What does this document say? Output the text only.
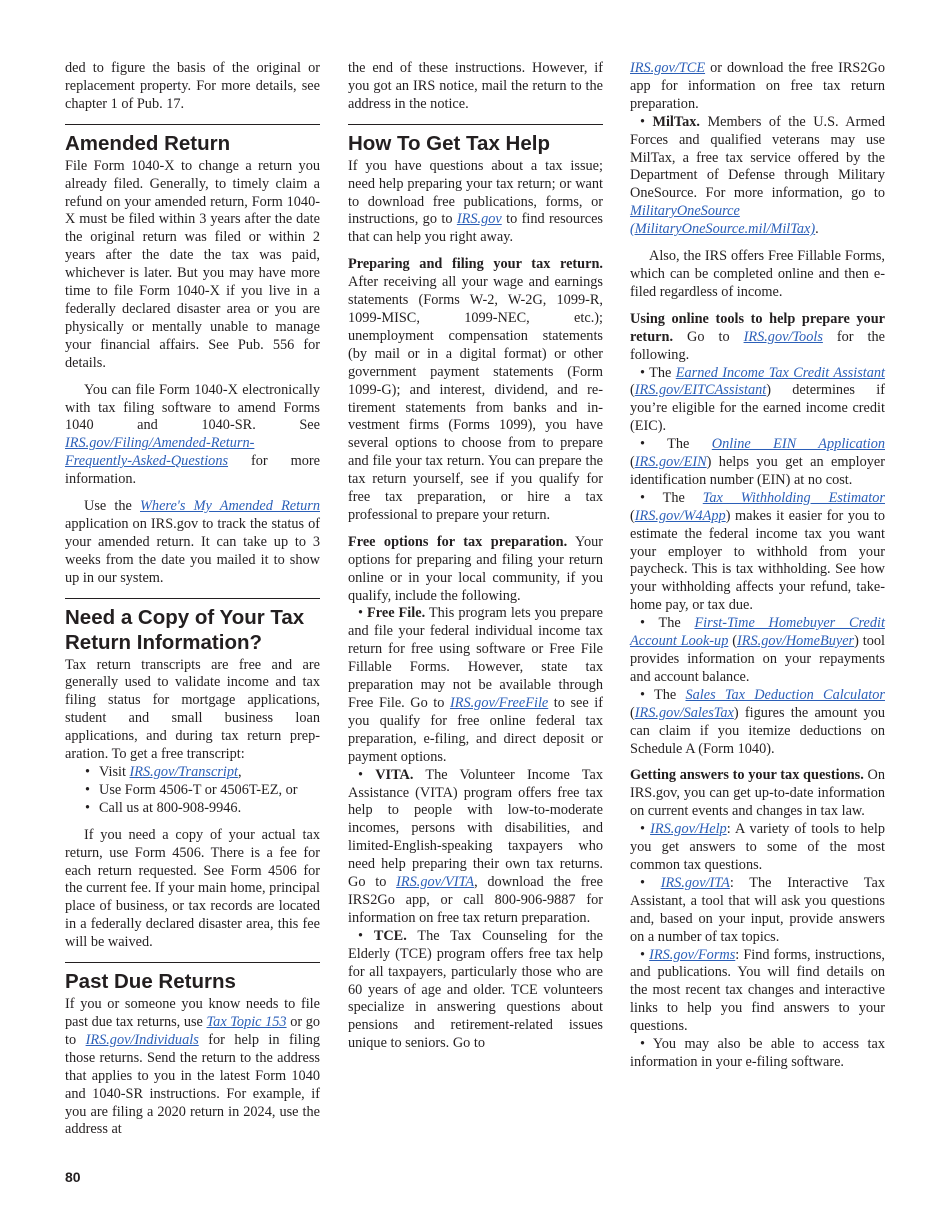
ded to figure the basis of the original or replacement property. For more details, see chapter 1 of Pub. 17.

Amended Return

File Form 1040-X to change a return you already filed. Generally, to timely claim a refund on your amended return, Form 1040-X must be filed within 3 years after the date the original return was filed or within 2 years after the date the tax was paid, whichever is later. But you may have more time to file Form 1040-X if you live in a federally declared disaster area or you are physically or mentally unable to manage your financial affairs. See Pub. 556 for details.

You can file Form 1040-X electronically with tax filing software to amend Forms 1040 and 1040-SR. See IRS.gov/Filing/Amended-Return-Frequently-Asked-Questions for more information.

Use the Where's My Amended Return application on IRS.gov to track the status of your amended return. It can take up to 3 weeks from the date you mailed it to show up in our system.

Need a Copy of Your Tax Return Information?

Tax return transcripts are free and are generally used to validate income and tax filing status for mortgage applications, student and small business loan applications, and during tax return preparation. To get a free transcript:

• Visit IRS.gov/Transcript,
• Use Form 4506-T or 4506T-EZ, or
• Call us at 800-908-9946.

If you need a copy of your actual tax return, use Form 4506. There is a fee for each return requested. See Form 4506 for the current fee. If your main home, principal place of business, or tax records are located in a federally declared disaster area, this fee will be waived.

Past Due Returns

If you or someone you know needs to file past due tax returns, use Tax Topic 153 or go to IRS.gov/Individuals for help in filing those returns. Send the return to the address that applies to you in the latest Form 1040 and 1040-SR instructions. For example, if you are filing a 2020 return in 2024, use the address at

the end of these instructions. However, if you got an IRS notice, mail the return to the address in the notice.

How To Get Tax Help

If you have questions about a tax issue; need help preparing your tax return; or want to download free publications, forms, or instructions, go to IRS.gov to find resources that can help you right away.

Preparing and filing your tax return. After receiving all your wage and earnings statements (Forms W-2, W-2G, 1099-R, 1099-MISC, 1099-NEC, etc.); unemployment compensation statements (by mail or in a digital format) or other government payment statements (Form 1099-G); and interest, dividend, and retirement statements from banks and investment firms (Forms 1099), you have several options to choose from to prepare and file your tax return. You can prepare the tax return yourself, see if you qualify for free tax preparation, or hire a tax professional to prepare your return.

Free options for tax preparation. Your options for preparing and filing your return online or in your local community, if you qualify, include the following.

• Free File. This program lets you prepare and file your federal individual income tax return for free using software or Free File Fillable Forms. However, state tax preparation may not be available through Free File. Go to IRS.gov/FreeFile to see if you qualify for free online federal tax preparation, e-filing, and direct deposit or payment options.

• VITA. The Volunteer Income Tax Assistance (VITA) program offers free tax help to people with low-to-moderate incomes, persons with disabilities, and limited-English-speaking taxpayers who need help preparing their own tax returns. Go to IRS.gov/VITA, download the free IRS2Go app, or call 800-906-9887 for information on free tax return preparation.

• TCE. The Tax Counseling for the Elderly (TCE) program offers free tax help for all taxpayers, particularly those who are 60 years of age and older. TCE volunteers specialize in answering questions about pensions and retirement-related issues unique to seniors. Go to

IRS.gov/TCE or download the free IRS2Go app for information on free tax return preparation.

• MilTax. Members of the U.S. Armed Forces and qualified veterans may use MilTax, a free tax service offered by the Department of Defense through Military OneSource. For more information, go to MilitaryOneSource (MilitaryOneSource.mil/MilTax).

Also, the IRS offers Free Fillable Forms, which can be completed online and then e-filed regardless of income.

Using online tools to help prepare your return. Go to IRS.gov/Tools for the following.

• The Earned Income Tax Credit Assistant (IRS.gov/EITCAssistant) determines if you’re eligible for the earned income credit (EIC).

• The Online EIN Application (IRS.gov/EIN) helps you get an employer identification number (EIN) at no cost.

• The Tax Withholding Estimator (IRS.gov/W4App) makes it easier for you to estimate the federal income tax you want your employer to withhold from your paycheck. This is tax withholding. See how your withholding affects your refund, take-home pay, or tax due.

• The First-Time Homebuyer Credit Account Look-up (IRS.gov/HomeBuyer) tool provides information on your repayments and account balance.

• The Sales Tax Deduction Calculator (IRS.gov/SalesTax) figures the amount you can claim if you itemize deductions on Schedule A (Form 1040).

Getting answers to your tax questions. On IRS.gov, you can get up-to-date information on current events and changes in tax law.

• IRS.gov/Help: A variety of tools to help you get answers to some of the most common tax questions.

• IRS.gov/ITA: The Interactive Tax Assistant, a tool that will ask you questions and, based on your input, provide answers on a number of tax topics.

• IRS.gov/Forms: Find forms, instructions, and publications. You will find details on the most recent tax changes and interactive links to help you find answers to your questions.

• You may also be able to access tax information in your e-filing software.

80
